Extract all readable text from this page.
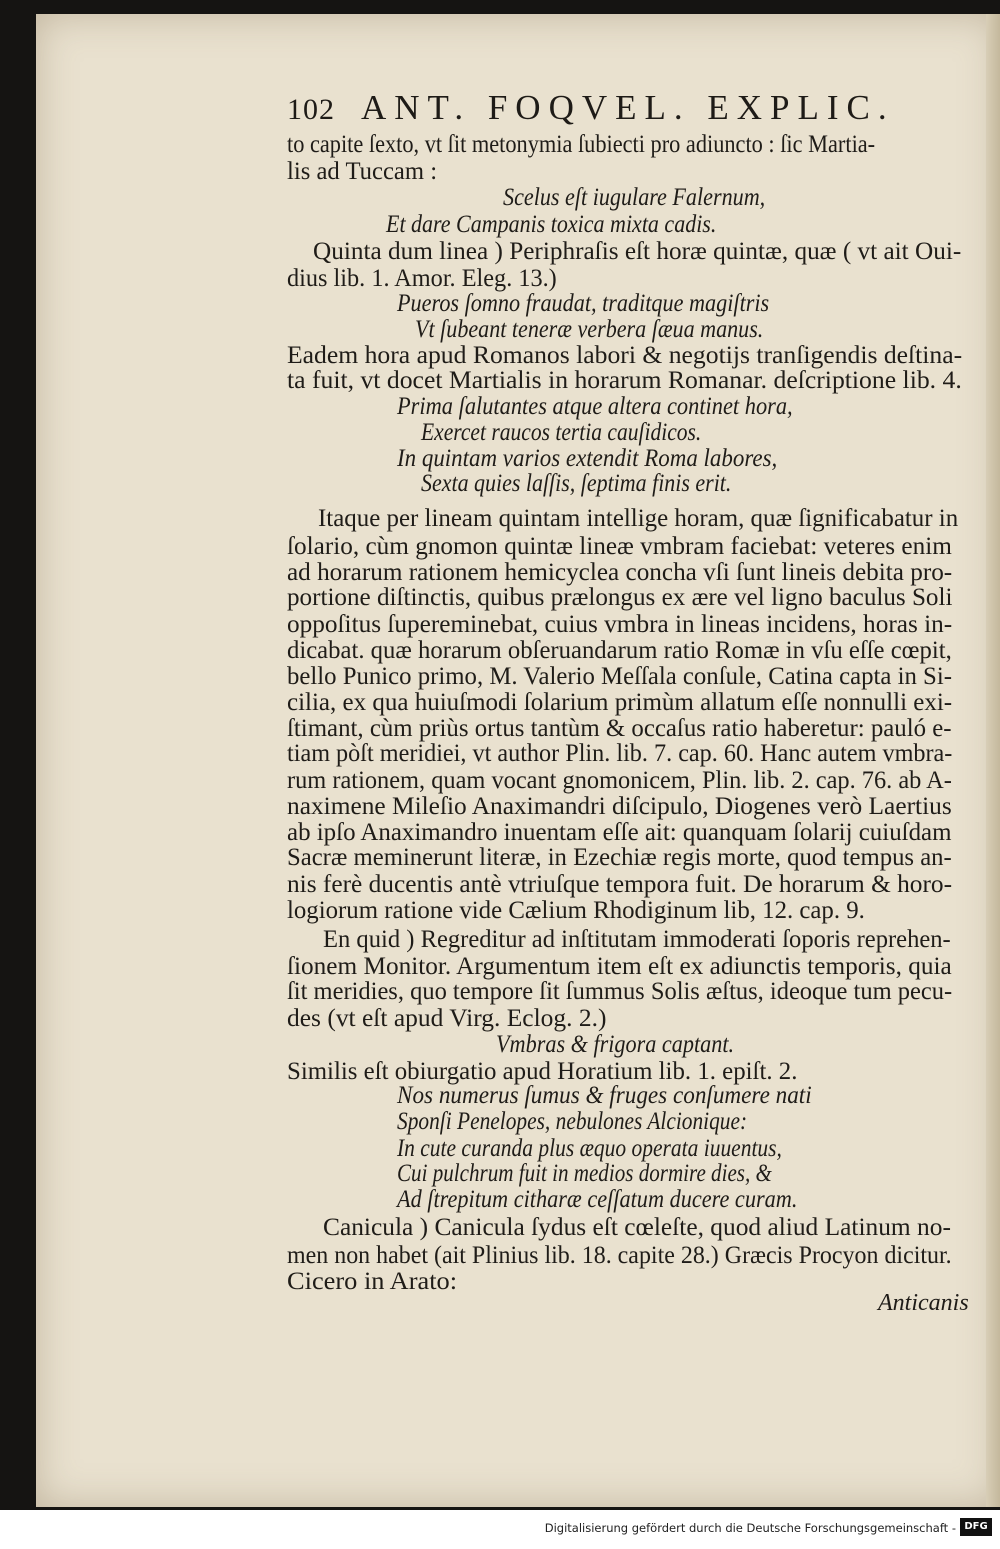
102 ANT. FOQVEL. EXPLIC.
to capite ſexto, vt ſit metonymia ſubiecti pro adiuncto : ſic Martia-
lis ad Tuccam :
Scelus eſt iugulare Falernum,
Et dare Campanis toxica mixta cadis.
Quinta dum linea ) Periphraſis eſt horæ quintæ, quæ ( vt ait Oui-
dius lib. 1. Amor. Eleg. 13.)
Pueros ſomno fraudat, traditque magiſtris
Vt ſubeant teneræ verbera ſæua manus.
Eadem hora apud Romanos labori & negotijs tranſigendis deſtina-
ta fuit, vt docet Martialis in horarum Romanar. deſcriptione lib. 4.
Prima ſalutantes atque altera continet hora,
Exercet raucos tertia cauſidicos.
In quintam varios extendit Roma labores,
Sexta quies laſſis, ſeptima finis erit.
Itaque per lineam quintam intellige horam, quæ ſignificabatur in
ſolario, cùm gnomon quintæ lineæ vmbram faciebat: veteres enim
ad horarum rationem hemicyclea concha vſi ſunt lineis debita pro-
portione diſtinctis, quibus prælongus ex ære vel ligno baculus Soli
oppoſitus ſupereminebat, cuius vmbra in lineas incidens, horas in-
dicabat. quæ horarum obſeruandarum ratio Romæ in vſu eſſe cœpit,
bello Punico primo, M. Valerio Meſſala conſule, Catina capta in Si-
cilia, ex qua huiuſmodi ſolarium primùm allatum eſſe nonnulli exi-
ſtimant, cùm priùs ortus tantùm & occaſus ratio haberetur: pauló e-
tiam pòſt meridiei, vt author Plin. lib. 7. cap. 60. Hanc autem vmbra-
rum rationem, quam vocant gnomonicem, Plin. lib. 2. cap. 76. ab A-
naximene Mileſio Anaximandri diſcipulo, Diogenes verò Laertius
ab ipſo Anaximandro inuentam eſſe ait: quanquam ſolarij cuiuſdam
Sacræ meminerunt literæ, in Ezechiæ regis morte, quod tempus an-
nis ferè ducentis antè vtriuſque tempora fuit. De horarum & horo-
logiorum ratione vide Cælium Rhodiginum lib, 12. cap. 9.
En quid ) Regreditur ad inſtitutam immoderati ſoporis reprehen-
ſionem Monitor. Argumentum item eſt ex adiunctis temporis, quia
ſit meridies, quo tempore ſit ſummus Solis æſtus, ideoque tum pecu-
des (vt eſt apud Virg. Eclog. 2.)
Vmbras & frigora captant.
Similis eſt obiurgatio apud Horatium lib. 1. epiſt. 2.
Nos numerus ſumus & fruges conſumere nati
Sponſi Penelopes, nebulones Alcionique:
In cute curanda plus æquo operata iuuentus,
Cui pulchrum fuit in medios dormire dies, &
Ad ſtrepitum citharæ ceſſatum ducere curam.
Canicula ) Canicula ſydus eſt cœleſte, quod aliud Latinum no-
men non habet (ait Plinius lib. 18. capite 28.) Græcis Procyon dicitur.
Cicero in Arato:
Anticanis
Digitalisierung gefördert durch die Deutsche Forschungsgemeinschaft - DFG
